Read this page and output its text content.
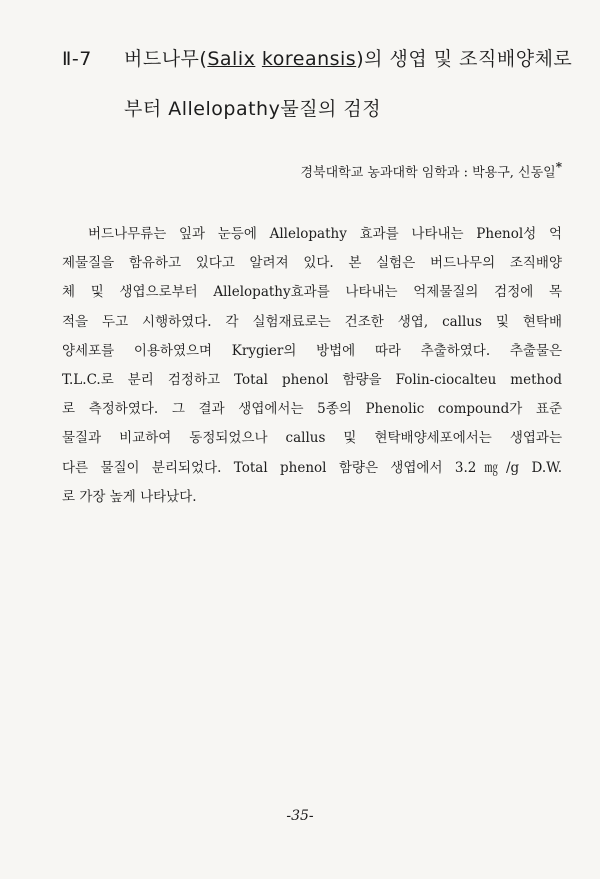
Ⅱ-7 버드나무(Salix koreansis)의 생엽 및 조직배양체로
부터 Allelopathy물질의 검정
경북대학교 농과대학 임학과 : 박용구, 신동일*
버드나무류는 잎과 눈등에 Allelopathy 효과를 나타내는 Phenol성 억
제물질을 함유하고 있다고 알려져 있다. 본 실험은 버드나무의 조직배양
체 및 생엽으로부터 Allelopathy효과를 나타내는 억제물질의 검정에 목
적을 두고 시행하였다. 각 실험재료로는 건조한 생엽, callus 및 현탁배
양세포를 이용하였으며 Krygier의 방법에 따라 추출하였다. 추출물은
T.L.C.로 분리 검정하고 Total phenol 함량을 Folin-ciocalteu method
로 측정하였다. 그 결과 생엽에서는 5종의 Phenolic compound가 표준
물질과 비교하여 동정되었으나 callus 및 현탁배양세포에서는 생엽과는
다른 물질이 분리되었다. Total phenol 함량은 생엽에서 3.2㎎/g D.W.
로 가장 높게 나타났다.
-35-
